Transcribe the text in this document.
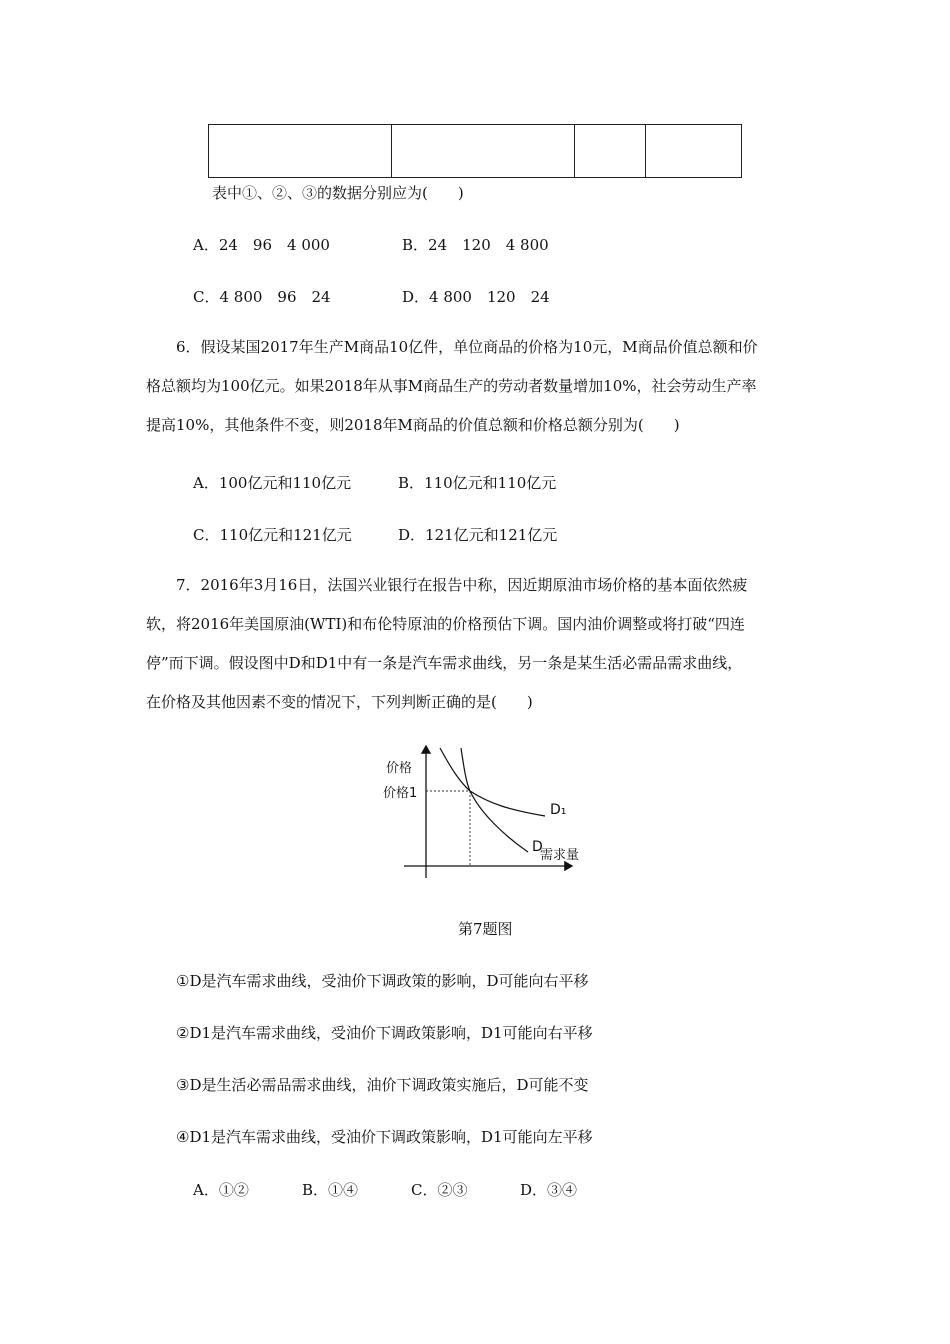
表中①、②、③的数据分别应为(　　)
A．24　96　4 000	B．24　120　4 800
C．4 800　96　24	D．4 800　120　24

6．假设某国2017年生产M商品10亿件，单位商品的价格为10元，M商品价值总额和价

格总额均为100亿元。如果2018年从事M商品生产的劳动者数量增加10%，社会劳动生产率

提高10%，其他条件不变，则2018年M商品的价值总额和价格总额分别为(　　)

A．100亿元和110亿元	B．110亿元和110亿元
C．110亿元和121亿元	D．121亿元和121亿元

7．2016年3月16日，法国兴业银行在报告中称，因近期原油市场价格的基本面依然疲

软，将2016年美国原油(WTI)和布伦特原油的价格预估下调。国内油价调整或将打破“四连

停”而下调。假设图中D和D1中有一条是汽车需求曲线，另一条是某生活必需品需求曲线，

在价格及其他因素不变的情况下，下列判断正确的是(　　)

价格
价格1
D₁
D
需求量
第7题图
①D是汽车需求曲线，受油价下调政策的影响，D可能向右平移
②D1是汽车需求曲线，受油价下调政策影响，D1可能向右平移
③D是生活必需品需求曲线，油价下调政策实施后，D可能不变
④D1是汽车需求曲线，受油价下调政策影响，D1可能向左平移
A．①②	B．①④	C．②③	D．③④
